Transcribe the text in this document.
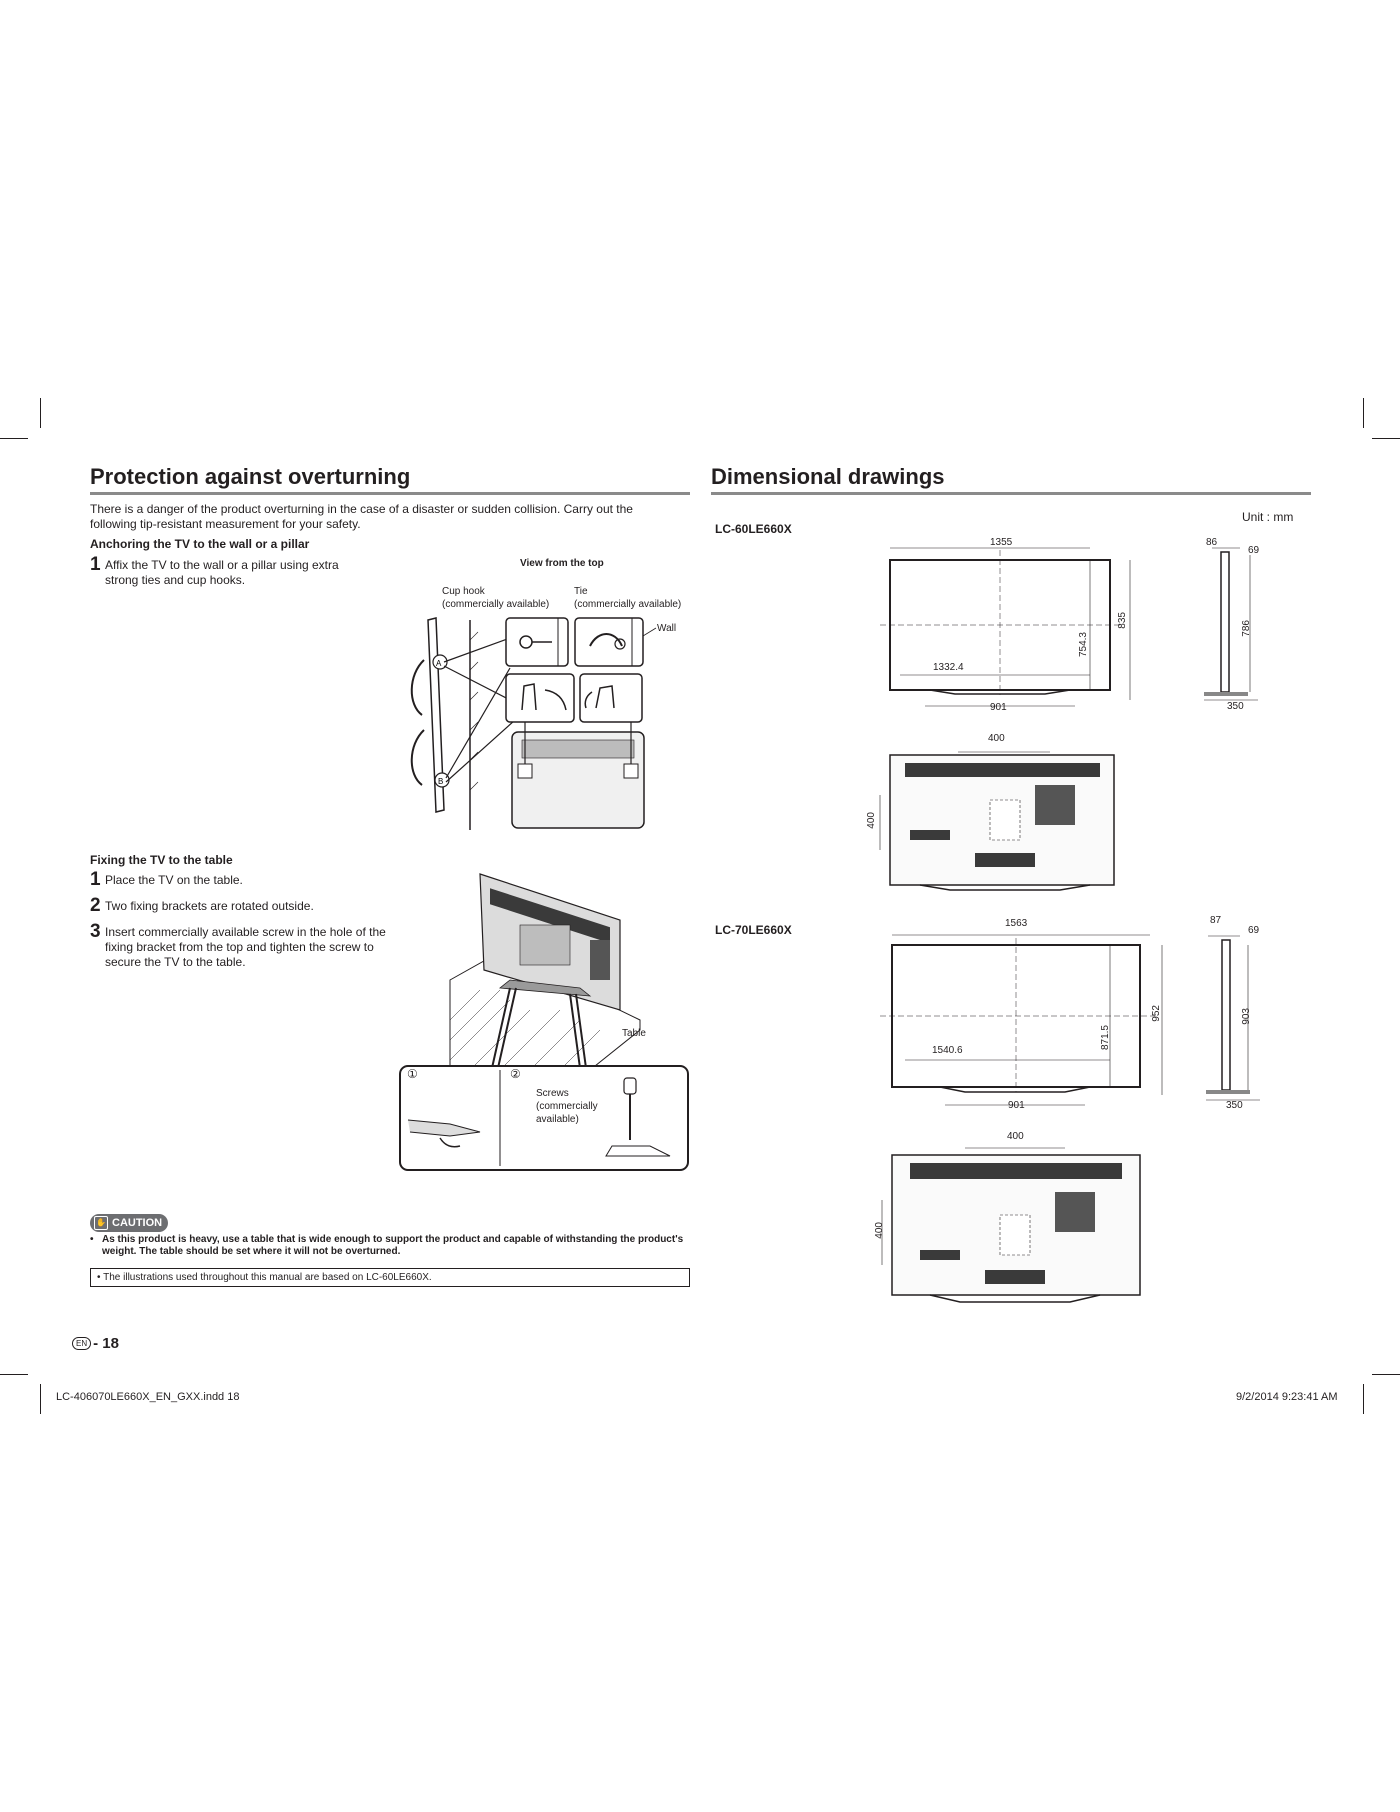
Protection against overturning
There is a danger of the product overturning in the case of a disaster or sudden collision. Carry out the following tip-resistant measurement for your safety.
Anchoring the TV to the wall or a pillar
1 Affix the TV to the wall or a pillar using extra strong ties and cup hooks.
View from the top
Cup hook
(commercially available)
Tie
(commercially available)
Wall
A
B
Fixing the TV to the table
1 Place the TV on the table.
2 Two fixing brackets are rotated outside.
3 Insert commercially available screw in the hole of the fixing bracket from the top and tighten the screw to secure the TV to the table.
Table
①	②
Screws (commercially available)
✋ CAUTION
• As this product is heavy, use a table that is wide enough to support the product and capable of withstanding the product's weight. The table should be set where it will not be overturned.
• The illustrations used throughout this manual are based on LC-60LE660X.
EN - 18
Dimensional drawings
Unit : mm
LC-60LE660X
1355
835
754.3
1332.4
901
86
69
786
350
400
400
LC-70LE660X	1563
952
871.5
1540.6
901
87
69
903
350
400
400
LC-406070LE660X_EN_GXX.indd 18	9/2/2014 9:23:41 AM
